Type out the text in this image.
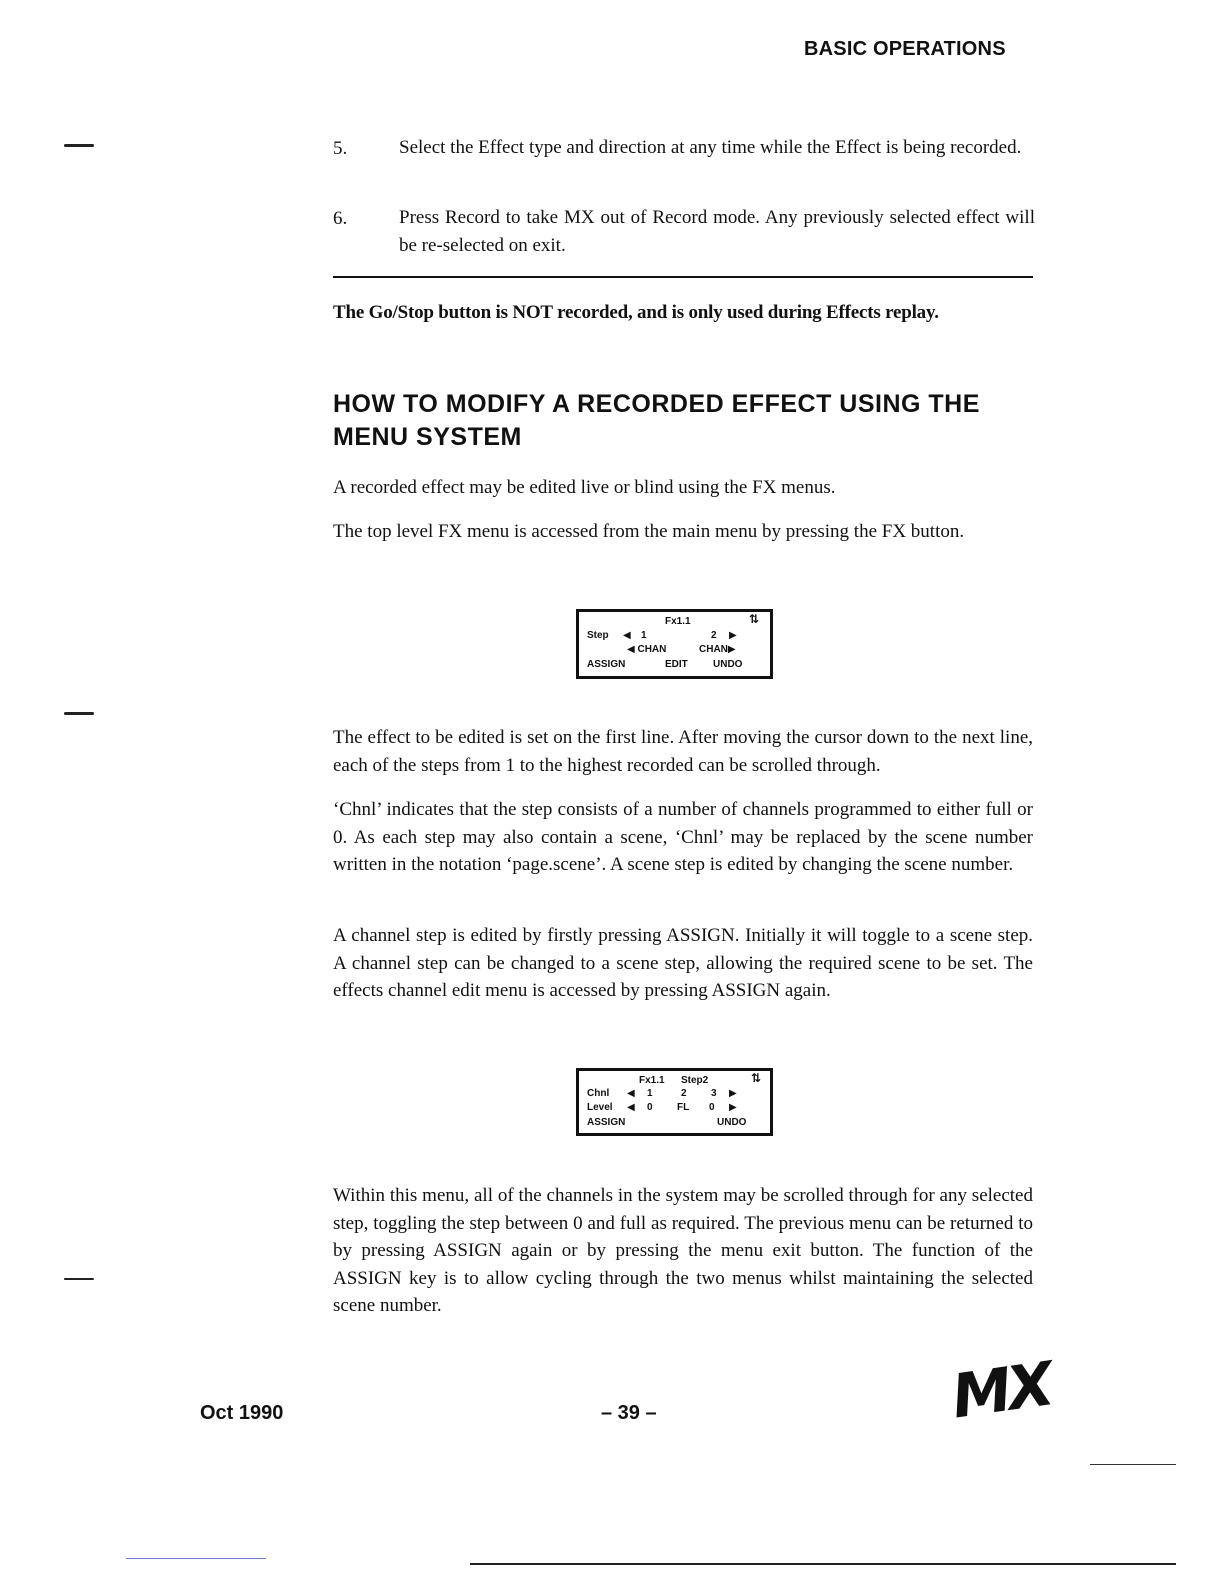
BASIC OPERATIONS
5.	Select the Effect type and direction at any time while the Effect is being recorded.
6.	Press Record to take MX out of Record mode. Any previously selected effect will be re-selected on exit.
The Go/Stop button is NOT recorded, and is only used during Effects replay.
HOW TO MODIFY A RECORDED EFFECT USING THE MENU SYSTEM

A recorded effect may be edited live or blind using the FX menus.

The top level FX menu is accessed from the main menu by pressing the FX button.

Fx1.1	⇅
Step ◀ 1	2 ▶
◀ CHAN	CHAN▶
ASSIGN	EDIT	UNDO

The effect to be edited is set on the first line. After moving the cursor down to the next line, each of the steps from 1 to the highest recorded can be scrolled through.

‘Chnl’ indicates that the step consists of a number of channels programmed to either full or 0. As each step may also contain a scene, ‘Chnl’ may be replaced by the scene number written in the notation ‘page.scene’. A scene step is edited by changing the scene number.

A channel step is edited by firstly pressing ASSIGN. Initially it will toggle to a scene step. A channel step can be changed to a scene step, allowing the required scene to be set. The effects channel edit menu is accessed by pressing ASSIGN again.

Fx1.1 Step2	⇅
Chnl ◀ 1	2 3 ▶
Level ◀ 0 FL 0 ▶
ASSIGN	UNDO

Within this menu, all of the channels in the system may be scrolled through for any selected step, toggling the step between 0 and full as required. The previous menu can be returned to by pressing ASSIGN again or by pressing the menu exit button. The function of the ASSIGN key is to allow cycling through the two menus whilst maintaining the selected scene number.

Oct 1990	– 39 –	MX
